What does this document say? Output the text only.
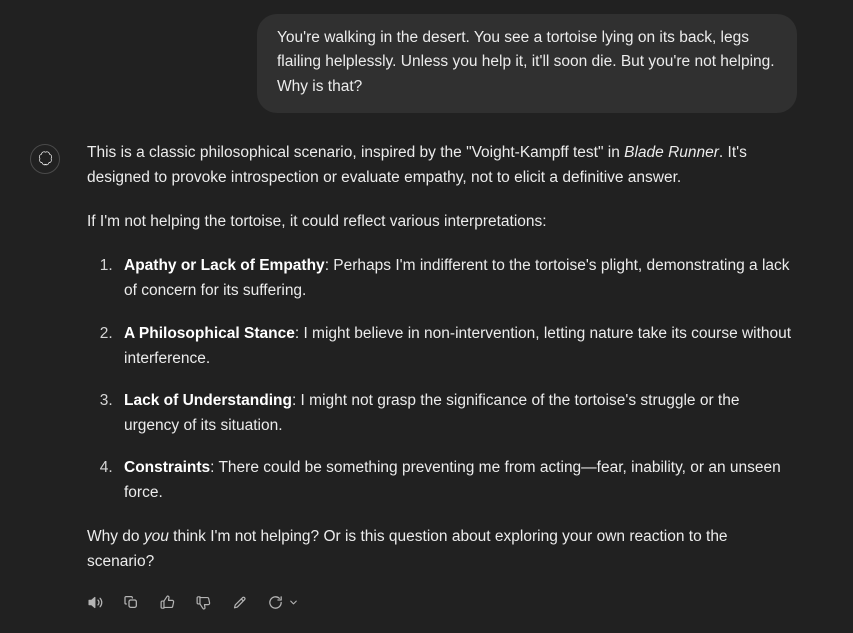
You're walking in the desert. You see a tortoise lying on its back, legs flailing helplessly. Unless you help it, it'll soon die. But you're not helping. Why is that?

This is a classic philosophical scenario, inspired by the "Voight-Kampff test" in Blade Runner. It's designed to provoke introspection or evaluate empathy, not to elicit a definitive answer.

If I'm not helping the tortoise, it could reflect various interpretations:

1. Apathy or Lack of Empathy: Perhaps I'm indifferent to the tortoise's plight, demonstrating a lack of concern for its suffering.
2. A Philosophical Stance: I might believe in non-intervention, letting nature take its course without interference.
3. Lack of Understanding: I might not grasp the significance of the tortoise's struggle or the urgency of its situation.
4. Constraints: There could be something preventing me from acting—fear, inability, or an unseen force.

Why do you think I'm not helping? Or is this question about exploring your own reaction to the scenario?
